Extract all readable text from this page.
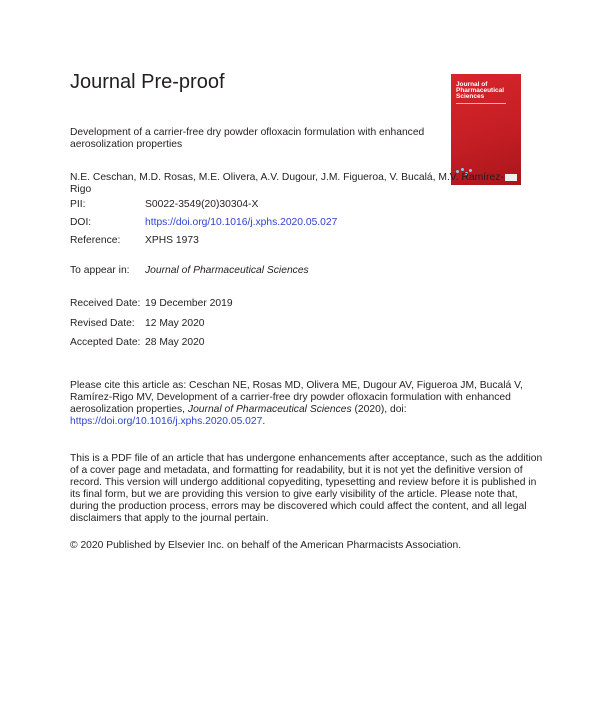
Journal Pre-proof	Journal of
Pharmaceutical
Sciences
Development of a carrier-free dry powder ofloxacin formulation with enhanced aerosolization properties
N.E. Ceschan, M.D. Rosas, M.E. Olivera, A.V. Dugour, J.M. Figueroa, V. Bucalá, M.V. Ramírez-Rigo
PII:	S0022-3549(20)30304-X
DOI:	https://doi.org/10.1016/j.xphs.2020.05.027
Reference: XPHS 1973
To appear in: Journal of Pharmaceutical Sciences
Received Date: 19 December 2019
Revised Date: 12 May 2020
Accepted Date: 28 May 2020
Please cite this article as: Ceschan NE, Rosas MD, Olivera ME, Dugour AV, Figueroa JM, Bucalá V, Ramírez-Rigo MV, Development of a carrier-free dry powder ofloxacin formulation with enhanced aerosolization properties, Journal of Pharmaceutical Sciences (2020), doi: https://doi.org/10.1016/j.xphs.2020.05.027.
This is a PDF file of an article that has undergone enhancements after acceptance, such as the addition of a cover page and metadata, and formatting for readability, but it is not yet the definitive version of record. This version will undergo additional copyediting, typesetting and review before it is published in its final form, but we are providing this version to give early visibility of the article. Please note that, during the production process, errors may be discovered which could affect the content, and all legal disclaimers that apply to the journal pertain.
© 2020 Published by Elsevier Inc. on behalf of the American Pharmacists Association.
